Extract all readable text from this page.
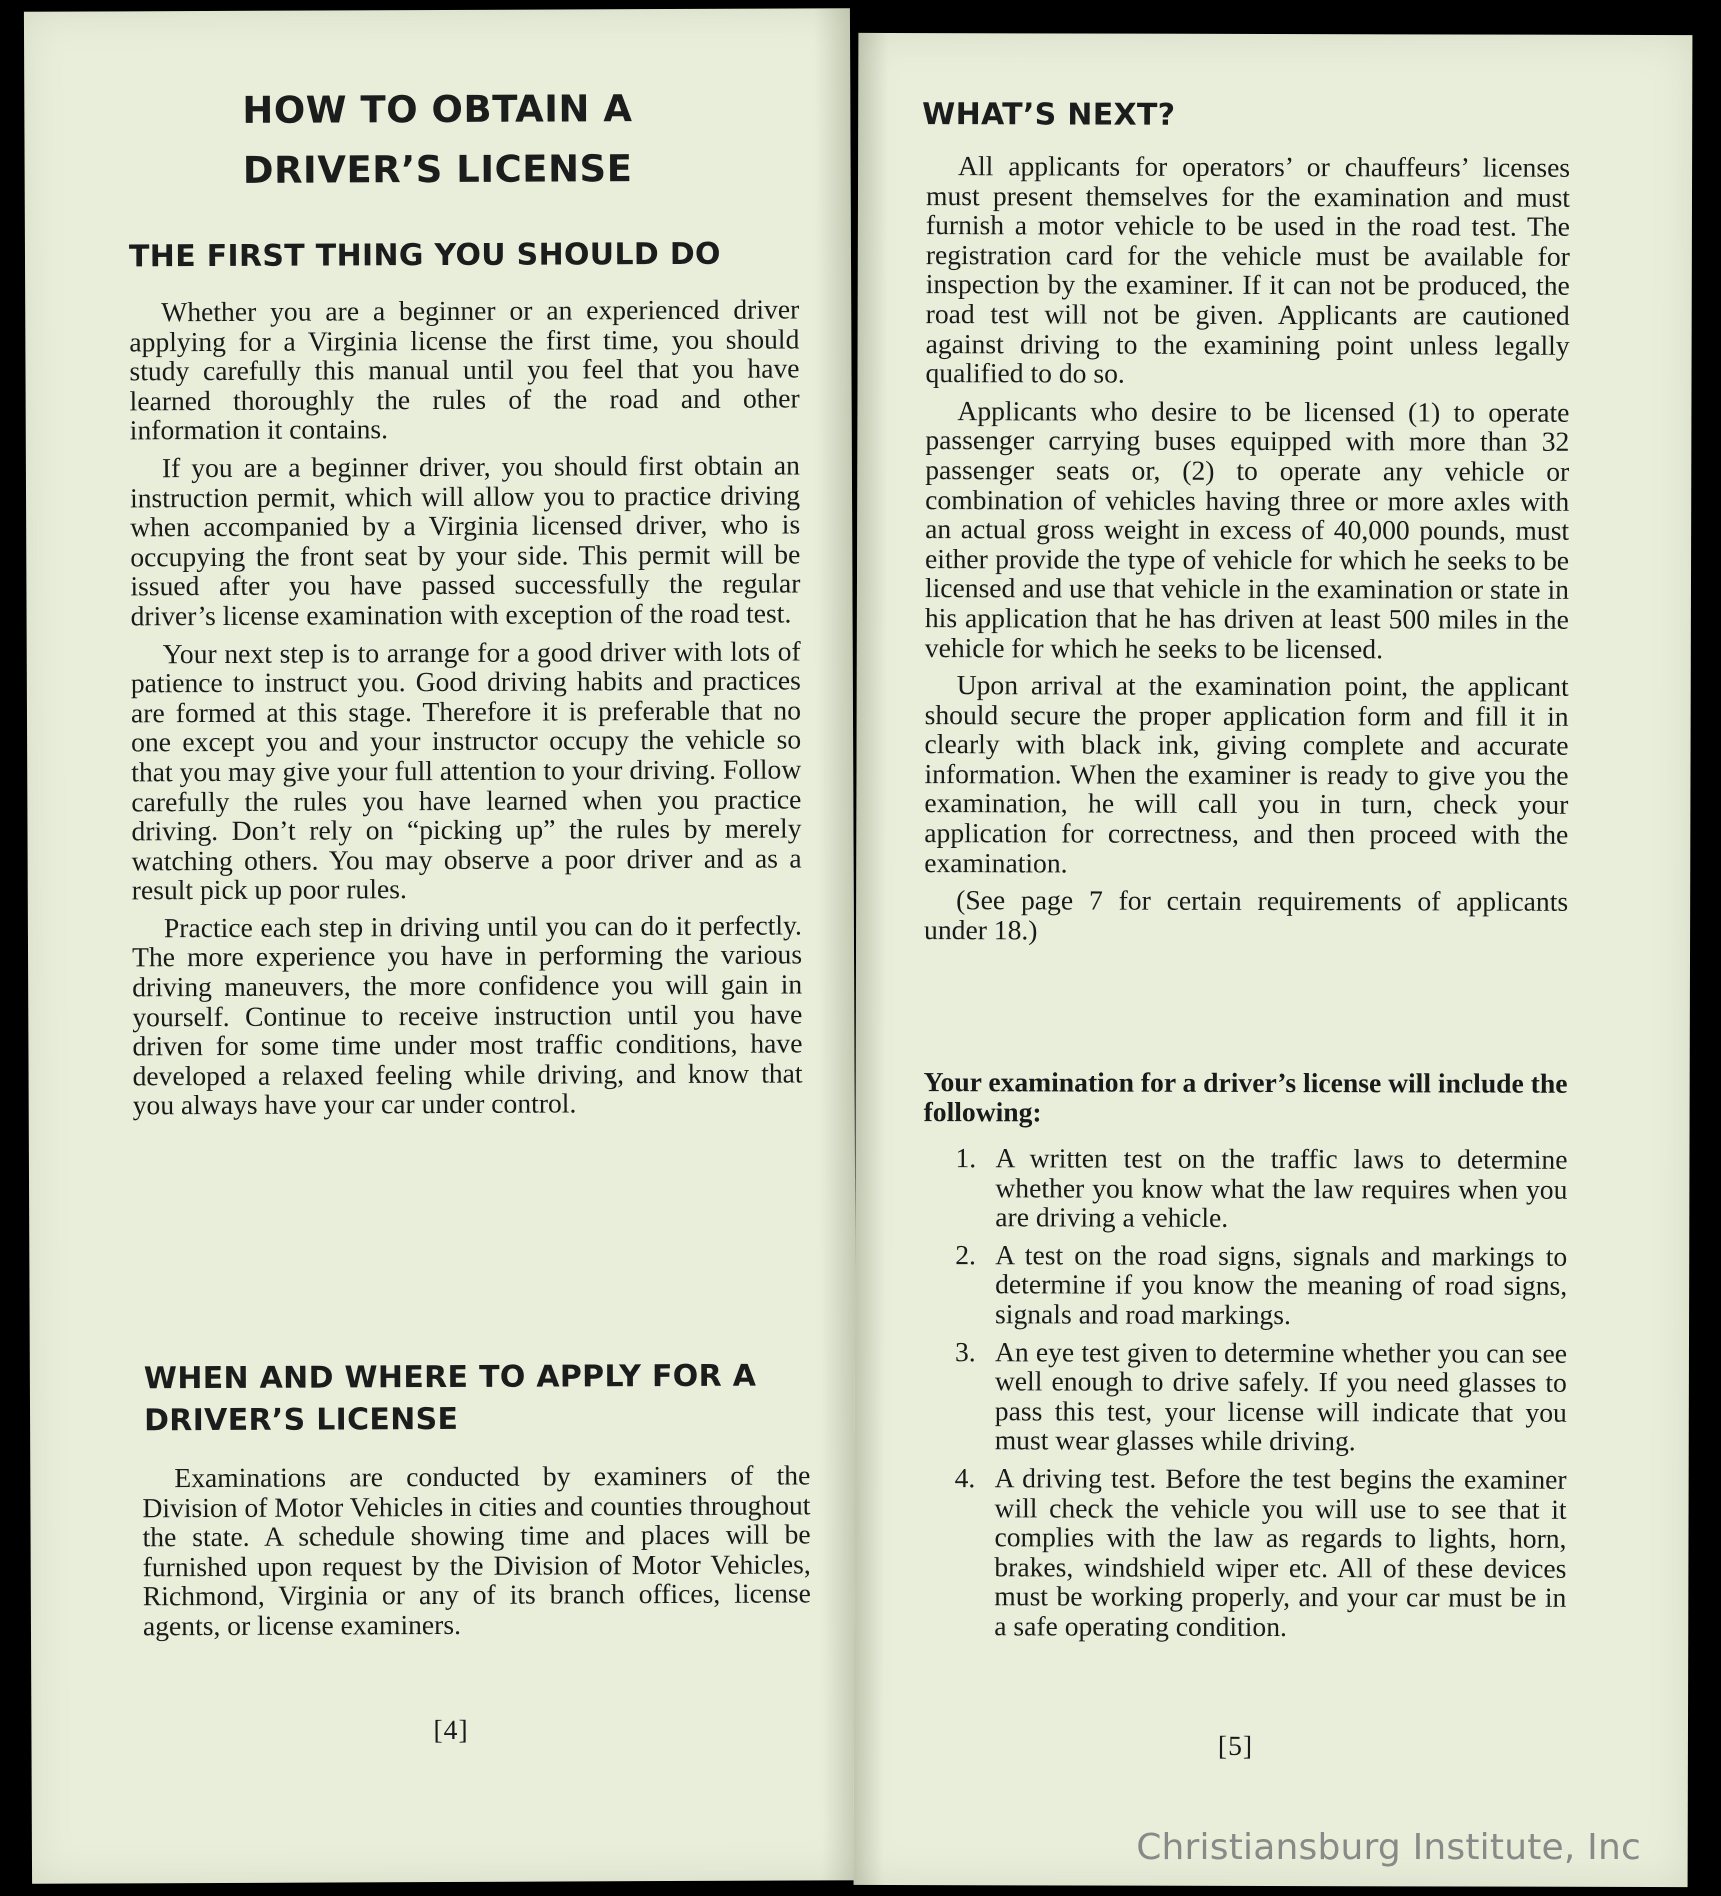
HOW TO OBTAIN A
DRIVER’S LICENSE
THE FIRST THING YOU SHOULD DO

Whether you are a beginner or an experienced driver applying for a Virginia license the first time, you should study carefully this manual until you feel that you have learned thoroughly the rules of the road and other information it contains.

If you are a beginner driver, you should first obtain an instruction permit, which will allow you to practice driving when accompanied by a Virginia licensed driver, who is occupying the front seat by your side. This permit will be issued after you have passed successfully the regular driver’s license examination with exception of the road test.

Your next step is to arrange for a good driver with lots of patience to instruct you. Good driving habits and practices are formed at this stage. Therefore it is preferable that no one except you and your instructor occupy the vehicle so that you may give your full attention to your driving. Follow carefully the rules you have learned when you practice driving. Don’t rely on “picking up” the rules by merely watching others. You may observe a poor driver and as a result pick up poor rules.

Practice each step in driving until you can do it perfectly. The more experience you have in performing the various driving maneuvers, the more confidence you will gain in yourself. Continue to receive instruction until you have driven for some time under most traffic conditions, have developed a relaxed feeling while driving, and know that you always have your car under control.

WHEN AND WHERE TO APPLY FOR A
DRIVER’S LICENSE

Examinations are conducted by examiners of the Division of Motor Vehicles in cities and counties throughout the state. A schedule showing time and places will be furnished upon request by the Division of Motor Vehicles, Richmond, Virginia or any of its branch offices, license agents, or license examiners.

[4]
WHAT’S NEXT?

All applicants for operators’ or chauffeurs’ licenses must present themselves for the examination and must furnish a motor vehicle to be used in the road test. The registration card for the vehicle must be available for inspection by the examiner. If it can not be produced, the road test will not be given. Applicants are cautioned against driving to the examining point unless legally qualified to do so.

Applicants who desire to be licensed (1) to operate passenger carrying buses equipped with more than 32 passenger seats or, (2) to operate any vehicle or combination of vehicles having three or more axles with an actual gross weight in excess of 40,000 pounds, must either provide the type of vehicle for which he seeks to be licensed and use that vehicle in the examination or state in his application that he has driven at least 500 miles in the vehicle for which he seeks to be licensed.

Upon arrival at the examination point, the applicant should secure the proper application form and fill it in clearly with black ink, giving complete and accurate information. When the examiner is ready to give you the examination, he will call you in turn, check your application for correctness, and then proceed with the examination.

(See page 7 for certain requirements of applicants under 18.)

Your examination for a driver’s license will include the following:

1. A written test on the traffic laws to determine whether you know what the law requires when you are driving a vehicle.
2. A test on the road signs, signals and markings to determine if you know the meaning of road signs, signals and road markings.
3. An eye test given to determine whether you can see well enough to drive safely. If you need glasses to pass this test, your license will indicate that you must wear glasses while driving.
4. A driving test. Before the test begins the examiner will check the vehicle you will use to see that it complies with the law as regards to lights, horn, brakes, windshield wiper etc. All of these devices must be working properly, and your car must be in a safe operating condition.
[5]
Christiansburg Institute, Inc
